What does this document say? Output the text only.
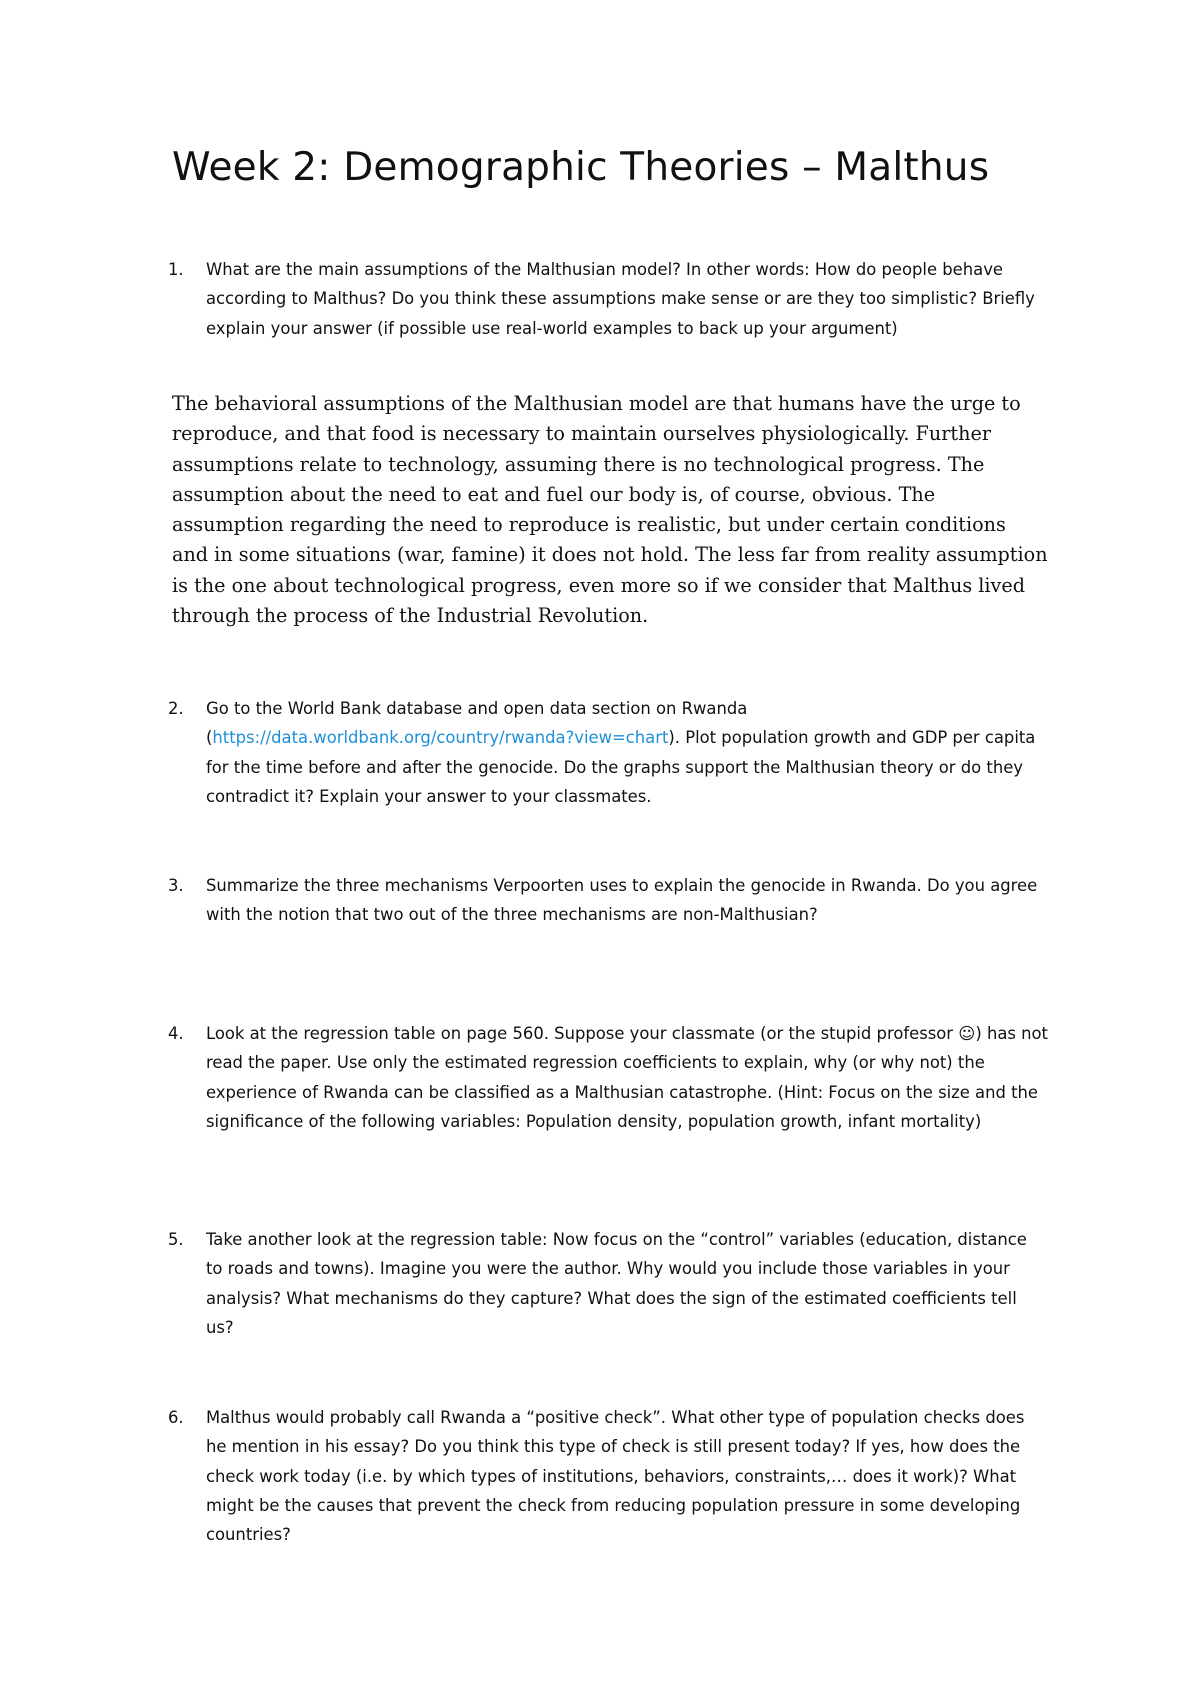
Week 2: Demographic Theories – Malthus
1.	What are the main assumptions of the Malthusian model? In other words: How do people behave according to Malthus? Do you think these assumptions make sense or are they too simplistic? Briefly explain your answer (if possible use real-world examples to back up your argument)

The behavioral assumptions of the Malthusian model are that humans have the urge to reproduce, and that food is necessary to maintain ourselves physiologically. Further assumptions relate to technology, assuming there is no technological progress. The assumption about the need to eat and fuel our body is, of course, obvious. The assumption regarding the need to reproduce is realistic, but under certain conditions and in some situations (war, famine) it does not hold. The less far from reality assumption is the one about technological progress, even more so if we consider that Malthus lived through the process of the Industrial Revolution.

2.	Go to the World Bank database and open data section on Rwanda (https://data.worldbank.org/country/rwanda?view=chart). Plot population growth and GDP per capita for the time before and after the genocide. Do the graphs support the Malthusian theory or do they contradict it? Explain your answer to your classmates.
3.	Summarize the three mechanisms Verpoorten uses to explain the genocide in Rwanda. Do you agree with the notion that two out of the three mechanisms are non-Malthusian?
4.	Look at the regression table on page 560. Suppose your classmate (or the stupid professor ☺) has not read the paper. Use only the estimated regression coefficients to explain, why (or why not) the experience of Rwanda can be classified as a Malthusian catastrophe. (Hint: Focus on the size and the significance of the following variables: Population density, population growth, infant mortality)
5.	Take another look at the regression table: Now focus on the “control” variables (education, distance to roads and towns). Imagine you were the author. Why would you include those variables in your analysis? What mechanisms do they capture? What does the sign of the estimated coefficients tell us?
6.	Malthus would probably call Rwanda a “positive check”. What other type of population checks does he mention in his essay? Do you think this type of check is still present today? If yes, how does the check work today (i.e. by which types of institutions, behaviors, constraints,… does it work)? What might be the causes that prevent the check from reducing population pressure in some developing countries?
